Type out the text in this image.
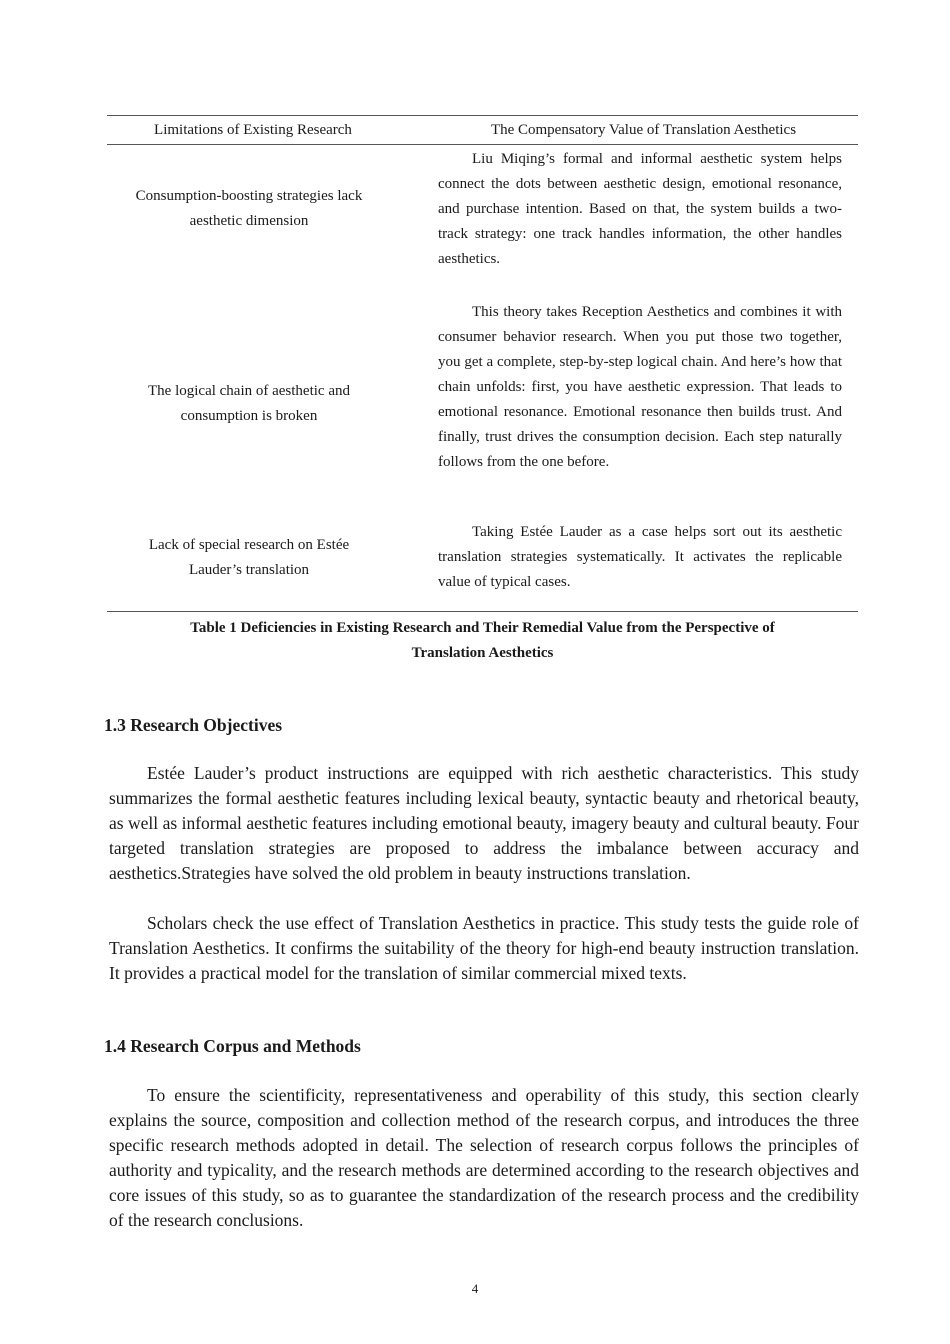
Limitations of Existing Research	The Compensatory Value of Translation Aesthetics
Consumption-boosting strategies lack aesthetic dimension

Liu Miqing’s formal and informal aesthetic system helps connect the dots between aesthetic design, emotional resonance, and purchase intention. Based on that, the system builds a two-track strategy: one track handles information, the other handles aesthetics.

The logical chain of aesthetic and consumption is broken

This theory takes Reception Aesthetics and combines it with consumer behavior research. When you put those two together, you get a complete, step-by-step logical chain. And here’s how that chain unfolds: first, you have aesthetic expression. That leads to emotional resonance. Emotional resonance then builds trust. And finally, trust drives the consumption decision. Each step naturally follows from the one before.

Lack of special research on Estée Lauder’s translation

Taking Estée Lauder as a case helps sort out its aesthetic translation strategies systematically. It activates the replicable value of typical cases.

Table 1 Deficiencies in Existing Research and Their Remedial Value from the Perspective of
Translation Aesthetics
1.3 Research Objectives

Estée Lauder’s product instructions are equipped with rich aesthetic characteristics. This study summarizes the formal aesthetic features including lexical beauty, syntactic beauty and rhetorical beauty, as well as informal aesthetic features including emotional beauty, imagery beauty and cultural beauty. Four targeted translation strategies are proposed to address the imbalance between accuracy and aesthetics.Strategies have solved the old problem in beauty instructions translation.

Scholars check the use effect of Translation Aesthetics in practice. This study tests the guide role of Translation Aesthetics. It confirms the suitability of the theory for high-end beauty instruction translation. It provides a practical model for the translation of similar commercial mixed texts.

1.4 Research Corpus and Methods

To ensure the scientificity, representativeness and operability of this study, this section clearly explains the source, composition and collection method of the research corpus, and introduces the three specific research methods adopted in detail. The selection of research corpus follows the principles of authority and typicality, and the research methods are determined according to the research objectives and core issues of this study, so as to guarantee the standardization of the research process and the credibility of the research conclusions.

4
